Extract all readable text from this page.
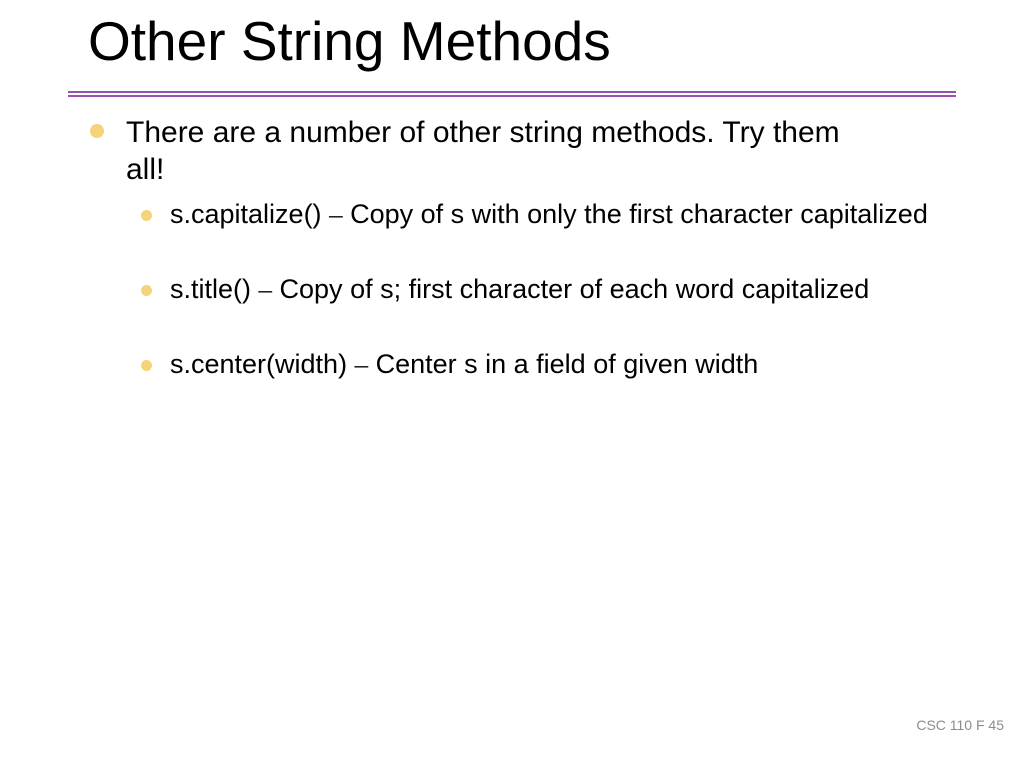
Other String Methods
There are a number of other string methods. Try them all!
s.capitalize() – Copy of s with only the first character capitalized
s.title() – Copy of s; first character of each word capitalized
s.center(width) – Center s in a field of given width
CSC 110 F 45
